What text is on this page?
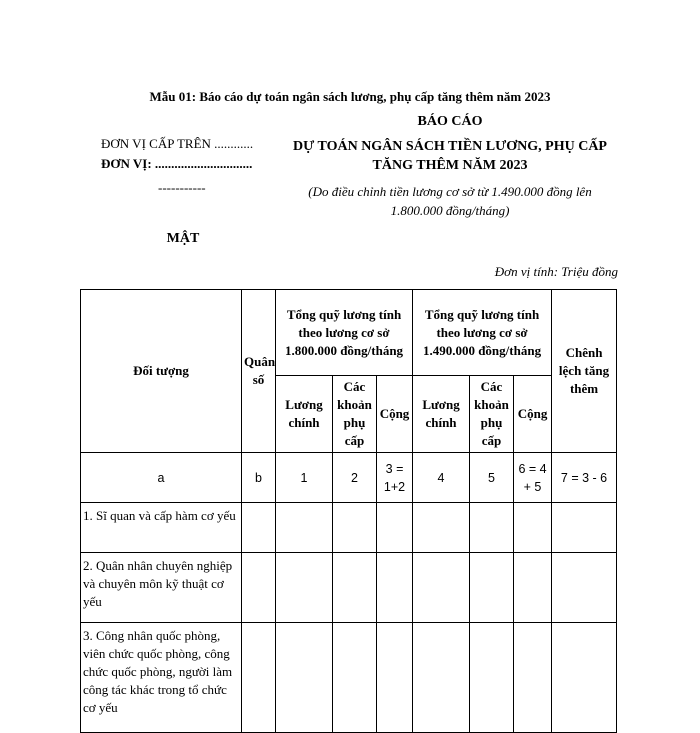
Mẫu 01: Báo cáo dự toán ngân sách lương, phụ cấp tăng thêm năm 2023
ĐƠN VỊ CẤP TRÊN ............
ĐƠN VỊ: ..............................
-----------
MẬT
BÁO CÁO
DỰ TOÁN NGÂN SÁCH TIỀN LƯƠNG, PHỤ CẤP TĂNG THÊM NĂM 2023
(Do điều chỉnh tiền lương cơ sở từ 1.490.000 đồng lên 1.800.000 đồng/tháng)
Đơn vị tính: Triệu đồng
Đối tượng	Quân số	Tổng quỹ lương tính theo lương cơ sở 1.800.000 đồng/tháng			Tổng quỹ lương tính theo lương cơ sở 1.490.000 đồng/tháng			Chênh lệch tăng thêm
		Lương chính	Các khoản phụ cấp	Cộng	Lương chính	Các khoản phụ cấp	Cộng	
a	b	1	2	3 = 1+2	4	5	6 = 4 + 5	7 = 3 - 6
1. Sĩ quan và cấp hàm cơ yếu								
2. Quân nhân chuyên nghiệp và chuyên môn kỹ thuật cơ yếu								
3. Công nhân quốc phòng, viên chức quốc phòng, công chức quốc phòng, người làm công tác khác trong tổ chức cơ yếu								
